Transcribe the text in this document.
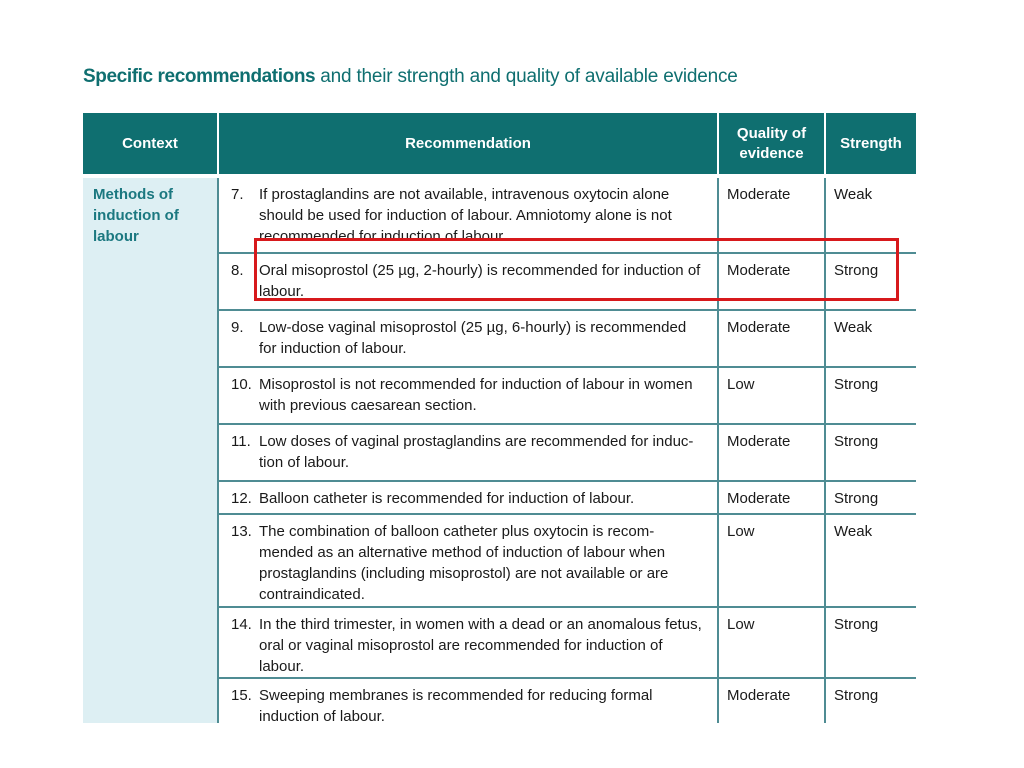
Specific recommendations and their strength and quality of available evidence
Context	Recommendation	Quality of evidence	Strength
Methods of induction of labour	7. If prostaglandins are not available, intravenous oxytocin alone should be used for induction of labour. Amniotomy alone is not recommended for induction of labour.	Moderate	Weak

	8. Oral misoprostol (25 µg, 2-hourly) is recommended for induction of labour.	Moderate	Strong

	9. Low-dose vaginal misoprostol (25 µg, 6-hourly) is recommended for induction of labour.	Moderate	Weak

	10. Misoprostol is not recommended for induction of labour in women with previous caesarean section.	Low	Strong

	11. Low doses of vaginal prostaglandins are recommended for induc-tion of labour.	Moderate	Strong

	12. Balloon catheter is recommended for induction of labour.	Moderate	Strong

	13. The combination of balloon catheter plus oxytocin is recom-mended as an alternative method of induction of labour when prostaglandins (including misoprostol) are not available or are contraindicated.	Low	Weak

	14. In the third trimester, in women with a dead or an anomalous fetus, oral or vaginal misoprostol are recommended for induction of labour.	Low	Strong

	15. Sweeping membranes is recommended for reducing formal induction of labour.	Moderate	Strong
